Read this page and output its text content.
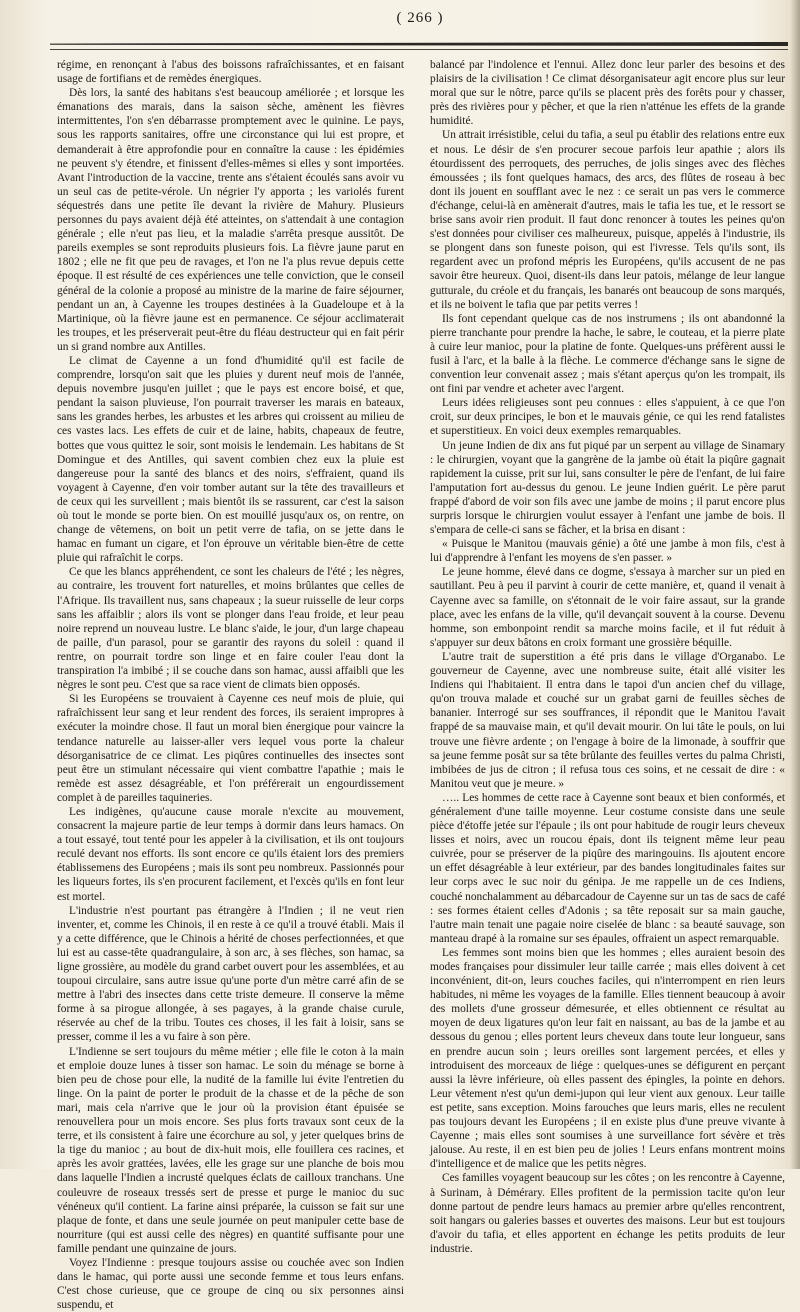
( 266 )

régime, en renonçant à l'abus des boissons rafraîchissantes, et en faisant usage de fortifians et de remèdes énergiques.

Dès lors, la santé des habitans s'est beaucoup améliorée ; et lorsque les émanations des marais, dans la saison sèche, amènent les fièvres intermittentes, l'on s'en débarrasse promptement avec le quinine. Le pays, sous les rapports sanitaires, offre une circonstance qui lui est propre, et demanderait à être approfondie pour en connaître la cause : les épidémies ne peuvent s'y étendre, et finissent d'elles-mêmes si elles y sont importées. Avant l'introduction de la vaccine, trente ans s'étaient écoulés sans avoir vu un seul cas de petite-vérole. Un négrier l'y apporta ; les variolés furent séquestrés dans une petite île devant la rivière de Mahury. Plusieurs personnes du pays avaient déjà été atteintes, on s'attendait à une contagion générale ; elle n'eut pas lieu, et la maladie s'arrêta presque aussitôt. De pareils exemples se sont reproduits plusieurs fois. La fièvre jaune parut en 1802 ; elle ne fit que peu de ravages, et l'on ne l'a plus revue depuis cette époque. Il est résulté de ces expériences une telle conviction, que le conseil général de la colonie a proposé au ministre de la marine de faire séjourner, pendant un an, à Cayenne les troupes destinées à la Guadeloupe et à la Martinique, où la fièvre jaune est en permanence. Ce séjour acclimaterait les troupes, et les préserverait peut-être du fléau destructeur qui en fait périr un si grand nombre aux Antilles.

Le climat de Cayenne a un fond d'humidité qu'il est facile de comprendre, lorsqu'on sait que les pluies y durent neuf mois de l'année, depuis novembre jusqu'en juillet ; que le pays est encore boisé, et que, pendant la saison pluvieuse, l'on pourrait traverser les marais en bateaux, sans les grandes herbes, les arbustes et les arbres qui croissent au milieu de ces vastes lacs. Les effets de cuir et de laine, habits, chapeaux de feutre, bottes que vous quittez le soir, sont moisis le lendemain. Les habitans de St Domingue et des Antilles, qui savent combien chez eux la pluie est dangereuse pour la santé des blancs et des noirs, s'effraient, quand ils voyagent à Cayenne, d'en voir tomber autant sur la tête des travailleurs et de ceux qui les surveillent ; mais bientôt ils se rassurent, car c'est la saison où tout le monde se porte bien. On est mouillé jusqu'aux os, on rentre, on change de vêtemens, on boit un petit verre de tafia, on se jette dans le hamac en fumant un cigare, et l'on éprouve un véritable bien-être de cette pluie qui rafraîchit le corps.

Ce que les blancs appréhendent, ce sont les chaleurs de l'été ; les nègres, au contraire, les trouvent fort naturelles, et moins brûlantes que celles de l'Afrique. Ils travaillent nus, sans chapeaux ; la sueur ruisselle de leur corps sans les affaiblir ; alors ils vont se plonger dans l'eau froide, et leur peau noire reprend un nouveau lustre. Le blanc s'aide, le jour, d'un large chapeau de paille, d'un parasol, pour se garantir des rayons du soleil : quand il rentre, on pourrait tordre son linge et en faire couler l'eau dont la transpiration l'a imbibé ; il se couche dans son hamac, aussi affaibli que les nègres le sont peu. C'est que sa race vient de climats bien opposés.

Si les Européens se trouvaient à Cayenne ces neuf mois de pluie, qui rafraîchissent leur sang et leur rendent des forces, ils seraient impropres à exécuter la moindre chose. Il faut un moral bien énergique pour vaincre la tendance naturelle au laisser-aller vers lequel vous porte la chaleur désorganisatrice de ce climat. Les piqûres continuelles des insectes sont peut être un stimulant nécessaire qui vient combattre l'apathie ; mais le remède est assez désagréable, et l'on préférerait un engourdissement complet à de pareilles taquineries.

Les indigènes, qu'aucune cause morale n'excite au mouvement, consacrent la majeure partie de leur temps à dormir dans leurs hamacs. On a tout essayé, tout tenté pour les appeler à la civilisation, et ils ont toujours reculé devant nos efforts. Ils sont encore ce qu'ils étaient lors des premiers établissemens des Européens ; mais ils sont peu nombreux. Passionnés pour les liqueurs fortes, ils s'en procurent facilement, et l'excès qu'ils en font leur est mortel.

L'industrie n'est pourtant pas étrangère à l'Indien ; il ne veut rien inventer, et, comme les Chinois, il en reste à ce qu'il a trouvé établi. Mais il y a cette différence, que le Chinois a hérité de choses perfectionnées, et que lui est au casse-tête quadrangulaire, à son arc, à ses flèches, son hamac, sa ligne grossière, au modèle du grand carbet ouvert pour les assemblées, et au toupoui circulaire, sans autre issue qu'une porte d'un mètre carré afin de se mettre à l'abri des insectes dans cette triste demeure. Il conserve la même forme à sa pirogue allongée, à ses pagayes, à la grande chaise curule, réservée au chef de la tribu. Toutes ces choses, il les fait à loisir, sans se presser, comme il les a vu faire à son père.

L'Indienne se sert toujours du même métier ; elle file le coton à la main et emploie douze lunes à tisser son hamac. Le soin du ménage se borne à bien peu de chose pour elle, la nudité de la famille lui évite l'entretien du linge. On la paint de porter le produit de la chasse et de la pêche de son mari, mais cela n'arrive que le jour où la provision étant épuisée se renouvellera pour un mois encore. Ses plus forts travaux sont ceux de la terre, et ils consistent à faire une écorchure au sol, y jeter quelques brins de la tige du manioc ; au bout de dix-huit mois, elle fouillera ces racines, et après les avoir grattées, lavées, elle les grage sur une planche de bois mou dans laquelle l'Indien a incrusté quelques éclats de cailloux tranchans. Une couleuvre de roseaux tressés sert de presse et purge le manioc du suc vénéneux qu'il contient. La farine ainsi préparée, la cuisson se fait sur une plaque de fonte, et dans une seule journée on peut manipuler cette base de nourriture (qui est aussi celle des nègres) en quantité suffisante pour une famille pendant une quinzaine de jours.

Voyez l'Indienne : presque toujours assise ou couchée avec son Indien dans le hamac, qui porte aussi une seconde femme et tous leurs enfans. C'est chose curieuse, que ce groupe de cinq ou six personnes ainsi suspendu, et

balancé par l'indolence et l'ennui. Allez donc leur parler des besoins et des plaisirs de la civilisation ! Ce climat désorganisateur agit encore plus sur leur moral que sur le nôtre, parce qu'ils se placent près des forêts pour y chasser, près des rivières pour y pêcher, et que la rien n'atténue les effets de la grande humidité.

Un attrait irrésistible, celui du tafia, a seul pu établir des relations entre eux et nous. Le désir de s'en procurer secoue parfois leur apathie ; alors ils étourdissent des perroquets, des perruches, de jolis singes avec des flèches émoussées ; ils font quelques hamacs, des arcs, des flûtes de roseau à bec dont ils jouent en soufflant avec le nez : ce serait un pas vers le commerce d'échange, celui-là en amènerait d'autres, mais le tafia les tue, et le ressort se brise sans avoir rien produit. Il faut donc renoncer à toutes les peines qu'on s'est données pour civiliser ces malheureux, puisque, appelés à l'industrie, ils se plongent dans son funeste poison, qui est l'ivresse. Tels qu'ils sont, ils regardent avec un profond mépris les Européens, qu'ils accusent de ne pas savoir être heureux. Quoi, disent-ils dans leur patois, mélange de leur langue gutturale, du créole et du français, les banarés ont beaucoup de sons marqués, et ils ne boivent le tafia que par petits verres !

Ils font cependant quelque cas de nos instrumens ; ils ont abandonné la pierre tranchante pour prendre la hache, le sabre, le couteau, et la pierre plate à cuire leur manioc, pour la platine de fonte. Quelques-uns préfèrent aussi le fusil à l'arc, et la balle à la flèche. Le commerce d'échange sans le signe de convention leur convenait assez ; mais s'étant aperçus qu'on les trompait, ils ont fini par vendre et acheter avec l'argent.

Leurs idées religieuses sont peu connues : elles s'appuient, à ce que l'on croit, sur deux principes, le bon et le mauvais génie, ce qui les rend fatalistes et superstitieux. En voici deux exemples remarquables.

Un jeune Indien de dix ans fut piqué par un serpent au village de Sinamary : le chirurgien, voyant que la gangrène de la jambe où était la piqûre gagnait rapidement la cuisse, prit sur lui, sans consulter le père de l'enfant, de lui faire l'amputation fort au-dessus du genou. Le jeune Indien guérit. Le père parut frappé d'abord de voir son fils avec une jambe de moins ; il parut encore plus surpris lorsque le chirurgien voulut essayer à l'enfant une jambe de bois. Il s'empara de celle-ci sans se fâcher, et la brisa en disant :

« Puisque le Manitou (mauvais génie) a ôté une jambe à mon fils, c'est à lui d'apprendre à l'enfant les moyens de s'en passer. »

Le jeune homme, élevé dans ce dogme, s'essaya à marcher sur un pied en sautillant. Peu à peu il parvint à courir de cette manière, et, quand il venait à Cayenne avec sa famille, on s'étonnait de le voir faire assaut, sur la grande place, avec les enfans de la ville, qu'il devançait souvent à la course. Devenu homme, son embonpoint rendit sa marche moins facile, et il fut réduit à s'appuyer sur deux bâtons en croix formant une grossière béquille.

L'autre trait de superstition a été pris dans le village d'Organabo. Le gouverneur de Cayenne, avec une nombreuse suite, était allé visiter les Indiens qui l'habitaient. Il entra dans le tapoi d'un ancien chef du village, qu'on trouva malade et couché sur un grabat garni de feuilles sèches de bananier. Interrogé sur ses souffrances, il répondit que le Manitou l'avait frappé de sa mauvaise main, et qu'il devait mourir. On lui tâte le pouls, on lui trouve une fièvre ardente ; on l'engage à boire de la limonade, à souffrir que sa jeune femme posât sur sa tête brûlante des feuilles vertes du palma Christi, imbibées de jus de citron ; il refusa tous ces soins, et ne cessait de dire : « Manitou veut que je meure. »

….. Les hommes de cette race à Cayenne sont beaux et bien conformés, et généralement d'une taille moyenne. Leur costume consiste dans une seule pièce d'étoffe jetée sur l'épaule ; ils ont pour habitude de rougir leurs cheveux lisses et noirs, avec un roucou épais, dont ils teignent même leur peau cuivrée, pour se préserver de la piqûre des maringouins. Ils ajoutent encore un effet désagréable à leur extérieur, par des bandes longitudinales faites sur leur corps avec le suc noir du génipa. Je me rappelle un de ces Indiens, couché nonchalamment au débarcadour de Cayenne sur un tas de sacs de café : ses formes étaient celles d'Adonis ; sa tête reposait sur sa main gauche, l'autre main tenait une pagaie noire ciselée de blanc : sa beauté sauvage, son manteau drapé à la romaine sur ses épaules, offraient un aspect remarquable.

Les femmes sont moins bien que les hommes ; elles auraient besoin des modes françaises pour dissimuler leur taille carrée ; mais elles doivent à cet inconvénient, dit-on, leurs couches faciles, qui n'interrompent en rien leurs habitudes, ni même les voyages de la famille. Elles tiennent beaucoup à avoir des mollets d'une grosseur démesurée, et elles obtiennent ce résultat au moyen de deux ligatures qu'on leur fait en naissant, au bas de la jambe et au dessous du genou ; elles portent leurs cheveux dans toute leur longueur, sans en prendre aucun soin ; leurs oreilles sont largement percées, et elles y introduisent des morceaux de liége : quelques-unes se défigurent en perçant aussi la lèvre inférieure, où elles passent des épingles, la pointe en dehors. Leur vêtement n'est qu'un demi-jupon qui leur vient aux genoux. Leur taille est petite, sans exception. Moins farouches que leurs maris, elles ne reculent pas toujours devant les Européens ; il en existe plus d'une preuve vivante à Cayenne ; mais elles sont soumises à une surveillance fort sévère et très jalouse. Au reste, il en est bien peu de jolies ! Leurs enfans montrent moins d'intelligence et de malice que les petits nègres.

Ces familles voyagent beaucoup sur les côtes ; on les rencontre à Cayenne, à Surinam, à Démérary. Elles profitent de la permission tacite qu'on leur donne partout de pendre leurs hamacs au premier arbre qu'elles rencontrent, soit hangars ou galeries basses et ouvertes des maisons. Leur but est toujours d'avoir du tafia, et elles apportent en échange les petits produits de leur industrie.
